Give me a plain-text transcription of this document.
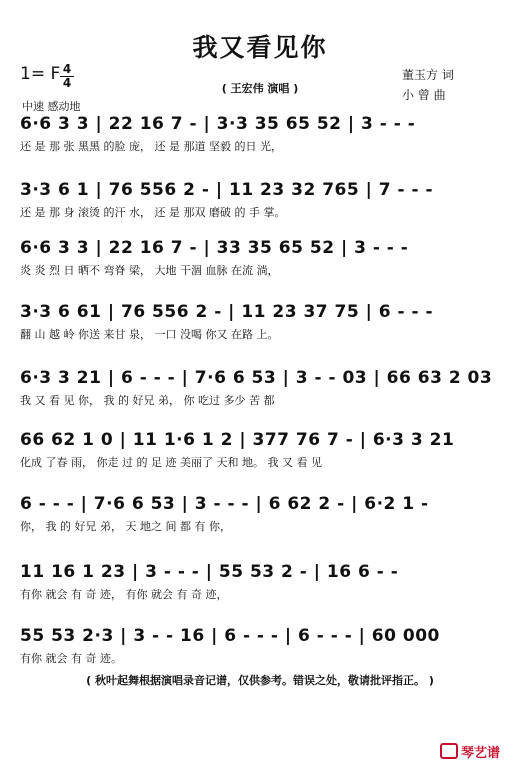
我又看见你
( 王宏伟 演唱 )
董玉方 词
小 曾 曲
1= F 4
4
中速 感动地
6·6 3 3 | 22 16 7 - | 3·3 35 65 52 | 3 - - -
还 是 那 张 黑黑 的脸 庞， 还 是 那道 坚毅 的日 光，
3·3 6 1 | 76 556 2 - | 11 23 32 765 | 7 - - -
还 是 那 身 滚烫 的汗 水， 还 是 那双 磨破 的 手 掌。
6·6 3 3 | 22 16 7 - | 33 35 65 52 | 3 - - -
炎 炎 烈 日 晒不 弯脊 梁， 大地 干涸 血脉 在流 淌，
3·3 6 61 | 76 556 2 - | 11 23 37 75 | 6 - - -
翻 山 越 岭 你送 来甘 泉， 一口 没喝 你又 在路 上。
6·3 3 21 | 6 - - - | 7·6 6 53 | 3 - - 03 | 66 63 2 03
我 又 看 见 你， 我 的 好兄 弟， 你 吃过 多少 苦 都
66 62 1 0 | 11 1·6 1 2 | 377 76 7 - | 6·3 3 21
化成 了春 雨， 你走 过 的 足 迹 美丽了 天和 地。 我 又 看 见
6 - - - | 7·6 6 53 | 3 - - - | 6 62 2 - | 6·2 1 -
你， 我 的 好兄 弟， 天 地之 间 都 有 你，
11 16 1 23 | 3 - - - | 55 53 2 - | 16 6 - -
有你 就会 有 奇 迹， 有你 就会 有 奇 迹，
55 53 2·3 | 3 - - 16 | 6 - - - | 6 - - - | 60 000
有你 就会 有 奇 迹。
( 秋叶起舞根据演唱录音记谱，仅供参考。错误之处，敬请批评指正。 )
琴艺谱
